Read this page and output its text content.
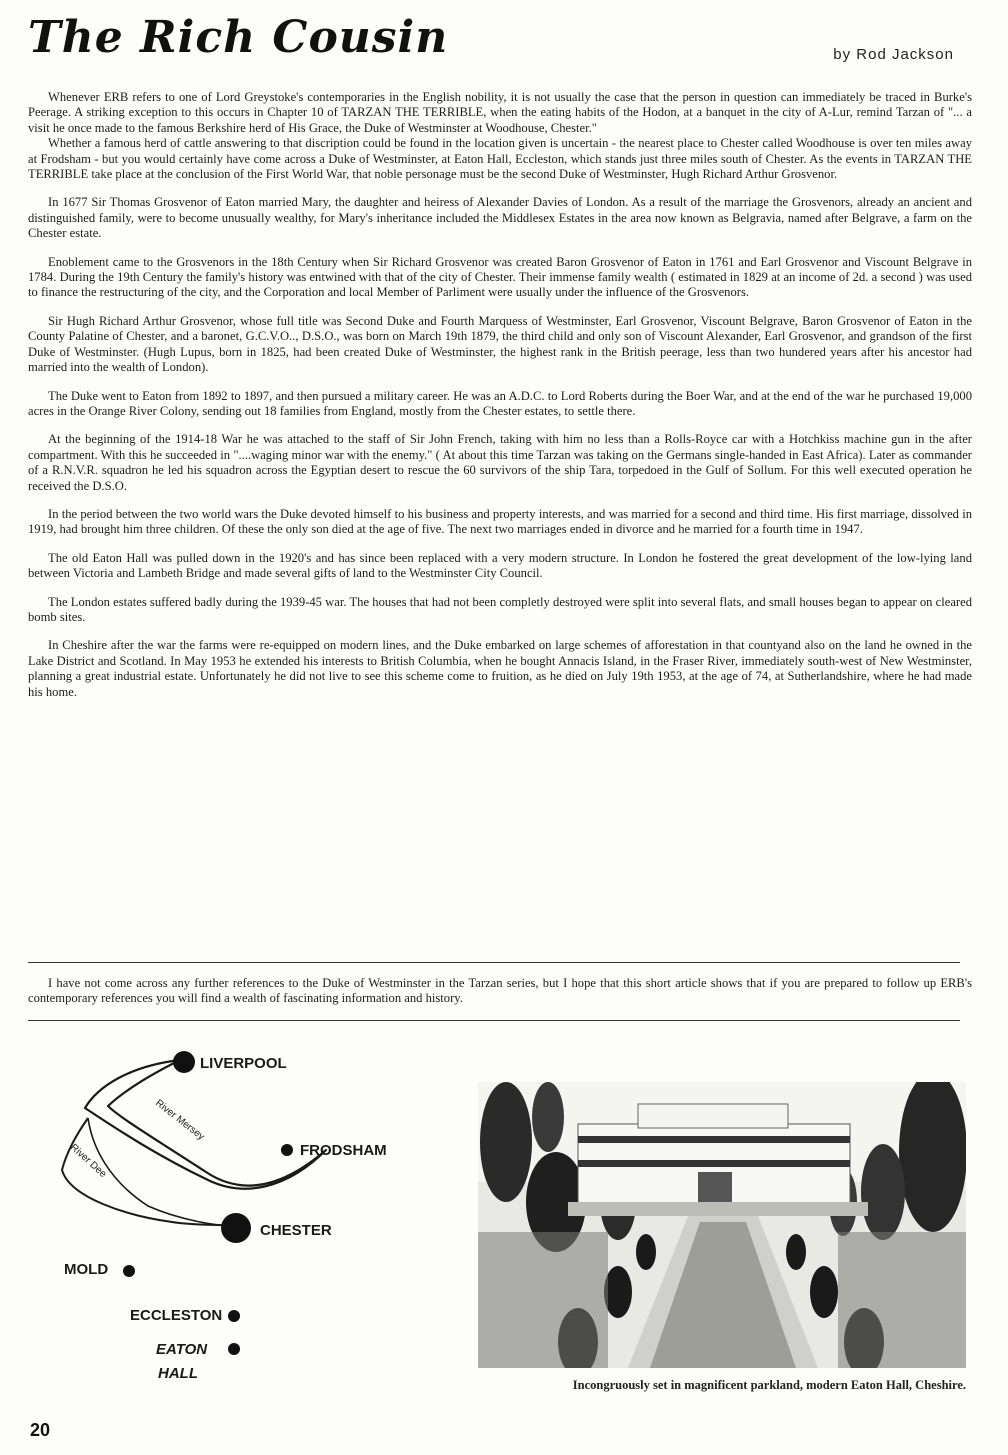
The Rich Cousin	by Rod Jackson

Whenever ERB refers to one of Lord Greystoke's contemporaries in the English nobility, it is not usually the case that the person in question can immediately be traced in Burke's Peerage. A striking exception to this occurs in Chapter 10 of TARZAN THE TERRIBLE, when the eating habits of the Hodon, at a banquet in the city of A-Lur, remind Tarzan of "... a visit he once made to the famous Berkshire herd of His Grace, the Duke of Westminster at Woodhouse, Chester."

Whether a famous herd of cattle answering to that discription could be found in the location given is uncertain - the nearest place to Chester called Woodhouse is over ten miles away at Frodsham - but you would certainly have come across a Duke of Westminster, at Eaton Hall, Eccleston, which stands just three miles south of Chester. As the events in TARZAN THE TERRIBLE take place at the conclusion of the First World War, that noble personage must be the second Duke of Westminster, Hugh Richard Arthur Grosvenor.

In 1677 Sir Thomas Grosvenor of Eaton married Mary, the daughter and heiress of Alexander Davies of London. As a result of the marriage the Grosvenors, already an ancient and distinguished family, were to become unusually wealthy, for Mary's inheritance included the Middlesex Estates in the area now known as Belgravia, named after Belgrave, a farm on the Chester estate.

Enoblement came to the Grosvenors in the 18th Century when Sir Richard Grosvenor was created Baron Grosvenor of Eaton in 1761 and Earl Grosvenor and Viscount Belgrave in 1784. During the 19th Century the family's history was entwined with that of the city of Chester. Their immense family wealth ( estimated in 1829 at an income of 2d. a second ) was used to finance the restructuring of the city, and the Corporation and local Member of Parliment were usually under the influence of the Grosvenors.

Sir Hugh Richard Arthur Grosvenor, whose full title was Second Duke and Fourth Marquess of Westminster, Earl Grosvenor, Viscount Belgrave, Baron Grosvenor of Eaton in the County Palatine of Chester, and a baronet, G.C.V.O.., D.S.O., was born on March 19th 1879, the third child and only son of Viscount Alexander, Earl Grosvenor, and grandson of the first Duke of Westminster. (Hugh Lupus, born in 1825, had been created Duke of Westminster, the highest rank in the British peerage, less than two hundered years after his ancestor had married into the wealth of London).

The Duke went to Eaton from 1892 to 1897, and then pursued a military career. He was an A.D.C. to Lord Roberts during the Boer War, and at the end of the war he purchased 19,000 acres in the Orange River Colony, sending out 18 families from England, mostly from the Chester estates, to settle there.

At the beginning of the 1914-18 War he was attached to the staff of Sir John French, taking with him no less than a Rolls-Royce car with a Hotchkiss machine gun in the after compartment. With this he succeeded in "....waging minor war with the enemy." ( At about this time Tarzan was taking on the Germans single-handed in East Africa). Later as commander of a R.N.V.R. squadron he led his squadron across the Egyptian desert to rescue the 60 survivors of the ship Tara, torpedoed in the Gulf of Sollum. For this well executed operation he received the D.S.O.

In the period between the two world wars the Duke devoted himself to his business and property interests, and was married for a second and third time. His first marriage, dissolved in 1919, had brought him three children. Of these the only son died at the age of five. The next two marriages ended in divorce and he married for a fourth time in 1947.

The old Eaton Hall was pulled down in the 1920's and has since been replaced with a very modern structure. In London he fostered the great development of the low-lying land between Victoria and Lambeth Bridge and made several gifts of land to the Westminster City Council.

The London estates suffered badly during the 1939-45 war. The houses that had not been completly destroyed were split into several flats, and small houses began to appear on cleared bomb sites.

In Cheshire after the war the farms were re-equipped on modern lines, and the Duke embarked on large schemes of afforestation in that countyand also on the land he owned in the Lake District and Scotland. In May 1953 he extended his interests to British Columbia, when he bought Annacis Island, in the Fraser River, immediately south-west of New Westminster, planning a great industrial estate. Unfortunately he did not live to see this scheme come to fruition, as he died on July 19th 1953, at the age of 74, at Sutherlandshire, where he had made his home.

I have not come across any further references to the Duke of Westminster in the Tarzan series, but I hope that this short article shows that if you are prepared to follow up ERB's contemporary references you will find a wealth of fascinating information and history.
River Mersey
River Dee
LIVERPOOL
FRODSHAM
CHESTER
MOLD
ECCLESTON
EATON
HALL
Incongruously set in magnificent parkland, modern Eaton Hall, Cheshire.
20
